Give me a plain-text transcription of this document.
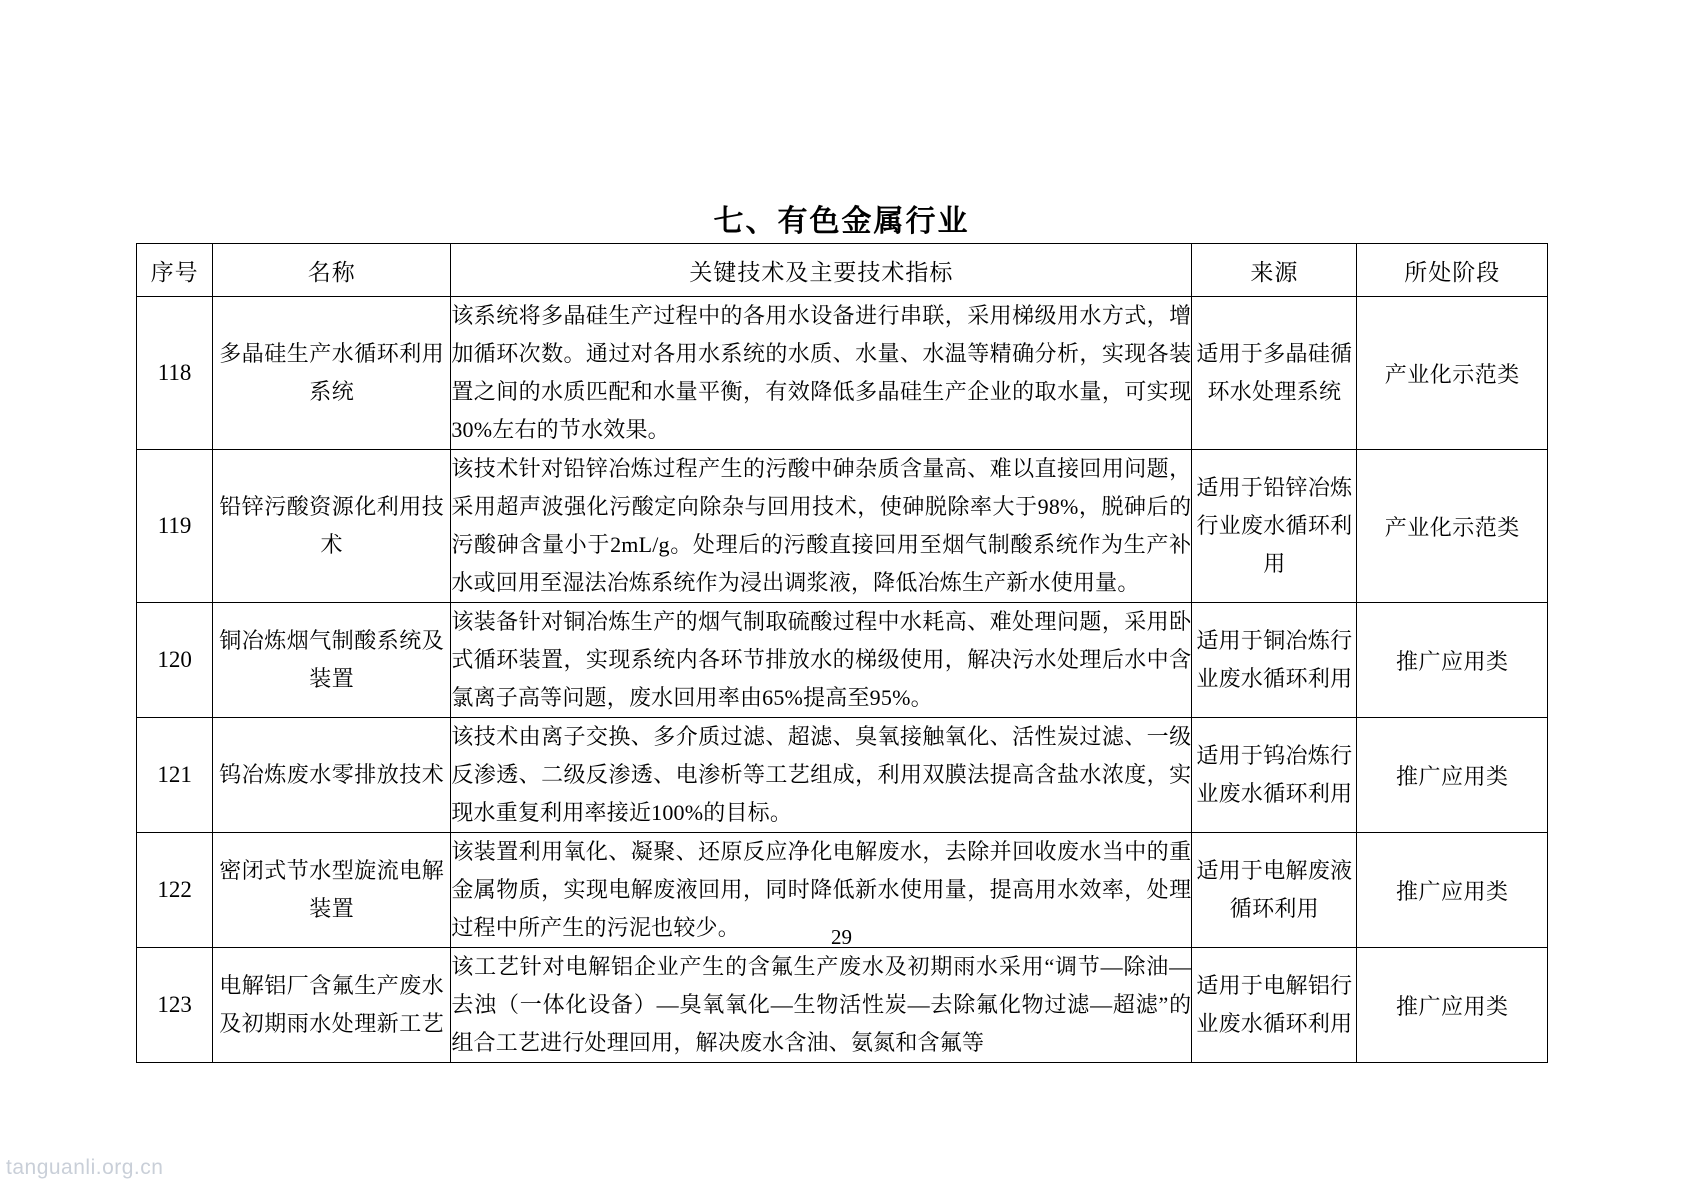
七、有色金属行业
序号	名称	关键技术及主要技术指标	来源	所处阶段
118	多晶硅生产水循环利用系统	该系统将多晶硅生产过程中的各用水设备进行串联，采用梯级用水方式，增加循环次数。通过对各用水系统的水质、水量、水温等精确分析，实现各装置之间的水质匹配和水量平衡，有效降低多晶硅生产企业的取水量，可实现30%左右的节水效果。	适用于多晶硅循环水处理系统	产业化示范类
119	铅锌污酸资源化利用技术	该技术针对铅锌冶炼过程产生的污酸中砷杂质含量高、难以直接回用问题，采用超声波强化污酸定向除杂与回用技术，使砷脱除率大于98%，脱砷后的污酸砷含量小于2mL/g。处理后的污酸直接回用至烟气制酸系统作为生产补水或回用至湿法冶炼系统作为浸出调浆液，降低冶炼生产新水使用量。	适用于铅锌冶炼行业废水循环利用	产业化示范类
120	铜冶炼烟气制酸系统及装置	该装备针对铜冶炼生产的烟气制取硫酸过程中水耗高、难处理问题，采用卧式循环装置，实现系统内各环节排放水的梯级使用，解决污水处理后水中含氯离子高等问题，废水回用率由65%提高至95%。	适用于铜冶炼行业废水循环利用	推广应用类
121	钨冶炼废水零排放技术	该技术由离子交换、多介质过滤、超滤、臭氧接触氧化、活性炭过滤、一级反渗透、二级反渗透、电渗析等工艺组成，利用双膜法提高含盐水浓度，实现水重复利用率接近100%的目标。	适用于钨冶炼行业废水循环利用	推广应用类
122	密闭式节水型旋流电解装置	该装置利用氧化、凝聚、还原反应净化电解废水，去除并回收废水当中的重金属物质，实现电解废液回用，同时降低新水使用量，提高用水效率，处理过程中所产生的污泥也较少。	适用于电解废液循环利用	推广应用类
123	电解铝厂含氟生产废水及初期雨水处理新工艺	该工艺针对电解铝企业产生的含氟生产废水及初期雨水采用“调节—除油—去浊（一体化设备）—臭氧氧化—生物活性炭—去除氟化物过滤—超滤”的组合工艺进行处理回用，解决废水含油、氨氮和含氟等	适用于电解铝行业废水循环利用	推广应用类
29
tanguanli.org.cn
